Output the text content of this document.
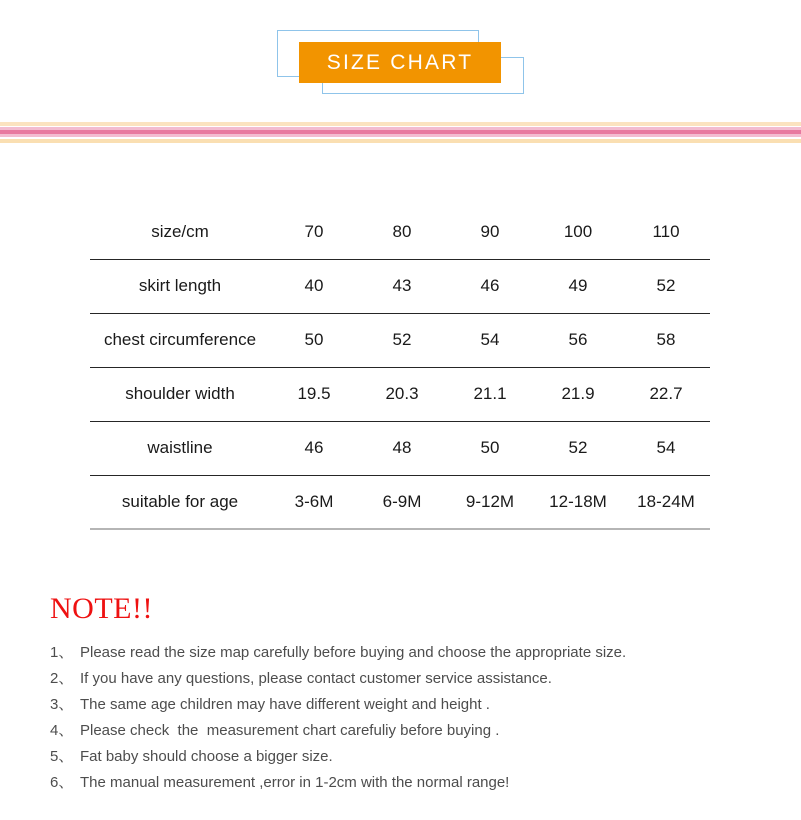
SIZE CHART
size/cm	70	80	90	100	110
skirt length	40	43	46	49	52
chest circumference	50	52	54	56	58
shoulder width	19.5	20.3	21.1	21.9	22.7
waistline	46	48	50	52	54
suitable for age	3-6M	6-9M	9-12M	12-18M	18-24M
NOTE!!
1、 Please read the size map carefully before buying and choose the appropriate size.
2、 If you have any questions, please contact customer service assistance.
3、 The same age children may have different weight and height .
4、 Please check  the  measurement chart carefuliy before buying .
5、 Fat baby should choose a bigger size.
6、 The manual measurement ,error in 1-2cm with the normal range!
